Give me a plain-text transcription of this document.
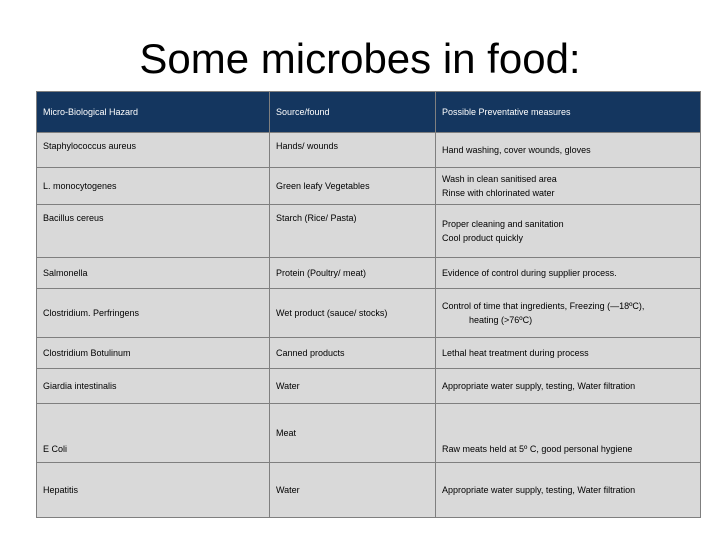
Some microbes in food:
Micro-Biological Hazard	Source/found	Possible Preventative measures
Staphylococcus aureus	Hands/ wounds	Hand washing, cover wounds, gloves
L. monocytogenes	Green leafy Vegetables	Wash in clean sanitised area
Rinse with chlorinated water
Bacillus cereus	Starch (Rice/ Pasta)	Proper cleaning and sanitation
Cool product quickly
Salmonella	Protein (Poultry/ meat)	Evidence of control during supplier process.
Clostridium. Perfringens	Wet product (sauce/ stocks)	Control of time that ingredients, Freezing (—18ºC),
heating (>76ºC)
Clostridium Botulinum	Canned products	Lethal heat treatment during process
Giardia intestinalis	Water	Appropriate water supply, testing, Water filtration
E Coli	Meat	Raw meats held at 5º C, good personal hygiene
Hepatitis	Water	Appropriate water supply, testing, Water filtration
